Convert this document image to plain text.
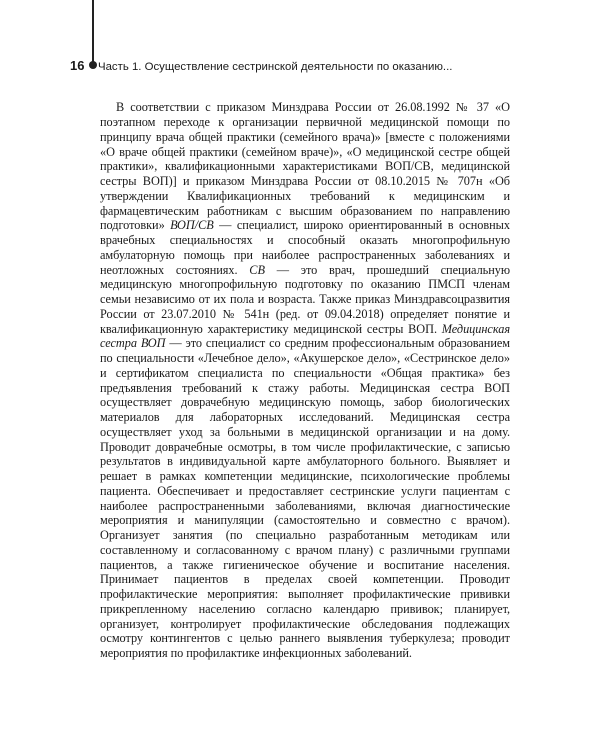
16	Часть 1. Осуществление сестринской деятельности по оказанию...

В соответствии с приказом Минздрава России от 26.08.1992 № 37 «О поэтапном переходе к организации первичной медицинской помощи по принципу врача общей практики (семейного врача)» [вместе с положениями «О враче общей практики (семейном враче)», «О медицинской сестре общей практики», квалификационными характеристиками ВОП/СВ, медицинской сестры ВОП)] и приказом Минздрава России от 08.10.2015 № 707н «Об утверждении Квалификационных требований к медицинским и фармацевтическим работникам с высшим образованием по направлению подготовки» ВОП/СВ — специалист, широко ориентированный в основных врачебных специальностях и способный оказать многопрофильную амбулаторную помощь при наиболее распространенных заболеваниях и неотложных состояниях. СВ — это врач, прошедший специальную медицинскую многопрофильную подготовку по оказанию ПМСП членам семьи независимо от их пола и возраста. Также приказ Минздравсоцразвития России от 23.07.2010 № 541н (ред. от 09.04.2018) определяет понятие и квалификационную характеристику медицинской сестры ВОП. Медицинская сестра ВОП — это специалист со средним профессиональным образованием по специальности «Лечебное дело», «Акушерское дело», «Сестринское дело» и сертификатом специалиста по специальности «Общая практика» без предъявления требований к стажу работы. Медицинская сестра ВОП осуществляет доврачебную медицинскую помощь, забор биологических материалов для лабораторных исследований. Медицинская сестра осуществляет уход за больными в медицинской организации и на дому. Проводит доврачебные осмотры, в том числе профилактические, с записью результатов в индивидуальной карте амбулаторного больного. Выявляет и решает в рамках компетенции медицинские, психологические проблемы пациента. Обеспечивает и предоставляет сестринские услуги пациентам с наиболее распространенными заболеваниями, включая диагностические мероприятия и манипуляции (самостоятельно и совместно с врачом). Организует занятия (по специально разработанным методикам или составленному и согласованному с врачом плану) с различными группами пациентов, а также гигиеническое обучение и воспитание населения. Принимает пациентов в пределах своей компетенции. Проводит профилактические мероприятия: выполняет профилактические прививки прикрепленному населению согласно календарю прививок; планирует, организует, контролирует профилактические обследования подлежащих осмотру контингентов с целью раннего выявления туберкулеза; проводит мероприятия по профилактике инфекционных заболеваний.
